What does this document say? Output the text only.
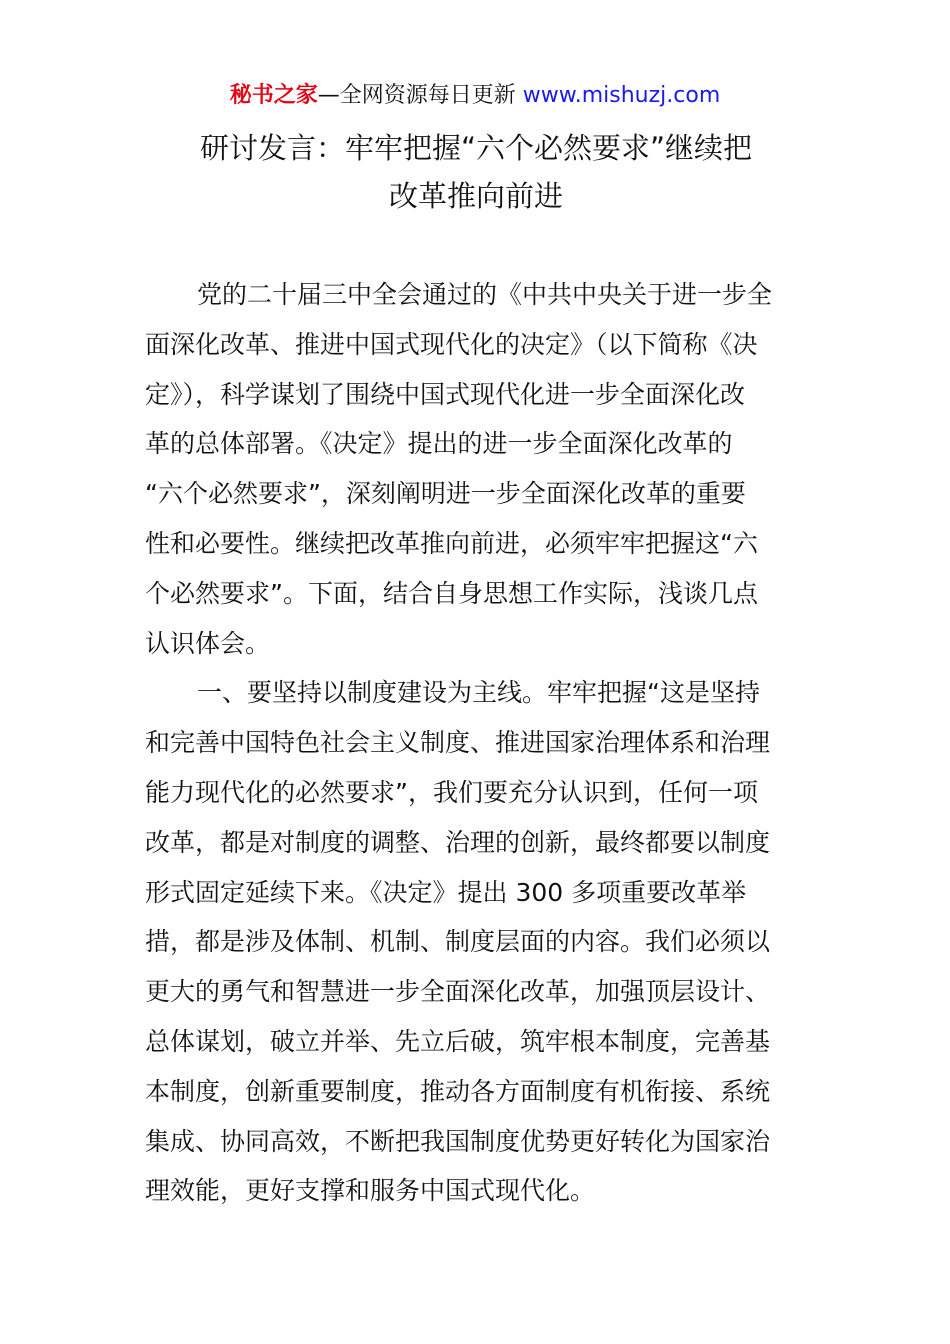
秘书之家—全网资源每日更新 www.mishuzj.com
研讨发言：牢牢把握“六个必然要求”继续把
改革推向前进
党的二十届三中全会通过的《中共中央关于进一步全
面深化改革、推进中国式现代化的决定》（以下简称《决
定》），科学谋划了围绕中国式现代化进一步全面深化改
革的总体部署。《决定》提出的进一步全面深化改革的
“六个必然要求”，深刻阐明进一步全面深化改革的重要
性和必要性。继续把改革推向前进，必须牢牢把握这“六
个必然要求”。下面，结合自身思想工作实际，浅谈几点
认识体会。
一、要坚持以制度建设为主线。牢牢把握“这是坚持
和完善中国特色社会主义制度、推进国家治理体系和治理
能力现代化的必然要求”，我们要充分认识到，任何一项
改革，都是对制度的调整、治理的创新，最终都要以制度
形式固定延续下来。《决定》提出 300 多项重要改革举
措，都是涉及体制、机制、制度层面的内容。我们必须以
更大的勇气和智慧进一步全面深化改革，加强顶层设计、
总体谋划，破立并举、先立后破，筑牢根本制度，完善基
本制度，创新重要制度，推动各方面制度有机衔接、系统
集成、协同高效，不断把我国制度优势更好转化为国家治
理效能，更好支撑和服务中国式现代化。
